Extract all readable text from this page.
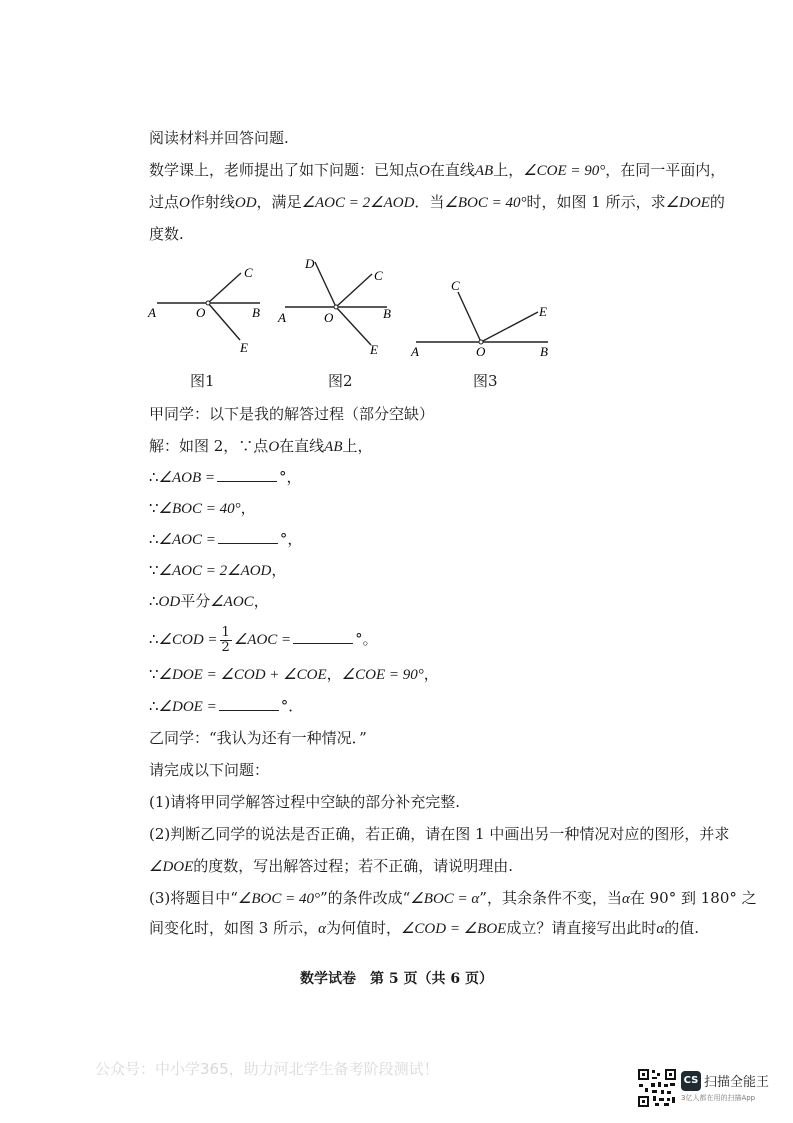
阅读材料并回答问题.
数学课上，老师提出了如下问题：已知点O在直线AB上，∠COE = 90°，在同一平面内，
过点O作射线OD，满足∠AOC = 2∠AOD．当∠BOC = 40°时，如图 1 所示，求∠DOE的
度数.
A	O	B
C
E
图1
A	O	B
C
D
E
图2
A	O	B
C
E
图3
甲同学：以下是我的解答过程（部分空缺）
解：如图 2，∵点O在直线AB上，
∴∠AOB =	°，
∵∠BOC = 40°，
∴∠AOC =	°，
∵∠AOC = 2∠AOD，
∴OD平分∠AOC，
∴∠COD = $\frac{1}{2}$ ∠AOC =	°。
∵∠DOE = ∠COD + ∠COE，∠COE = 90°，
∴∠DOE =	°．
乙同学：“我认为还有一种情况．”
请完成以下问题：
(1)请将甲同学解答过程中空缺的部分补充完整.
(2)判断乙同学的说法是否正确，若正确，请在图 1 中画出另一种情况对应的图形，并求
∠DOE的度数，写出解答过程；若不正确，请说明理由.
(3)将题目中“∠BOC = 40°”的条件改成“∠BOC = α”，其余条件不变，当α在 90° 到 180° 之
间变化时，如图 3 所示，α为何值时，∠COD = ∠BOE成立？请直接写出此时α的值.
数学试卷　第 5 页（共 6 页）
公众号：中小学365，助力河北学生备考阶段测试！
CS 扫描全能王
3亿人都在用的扫描App
